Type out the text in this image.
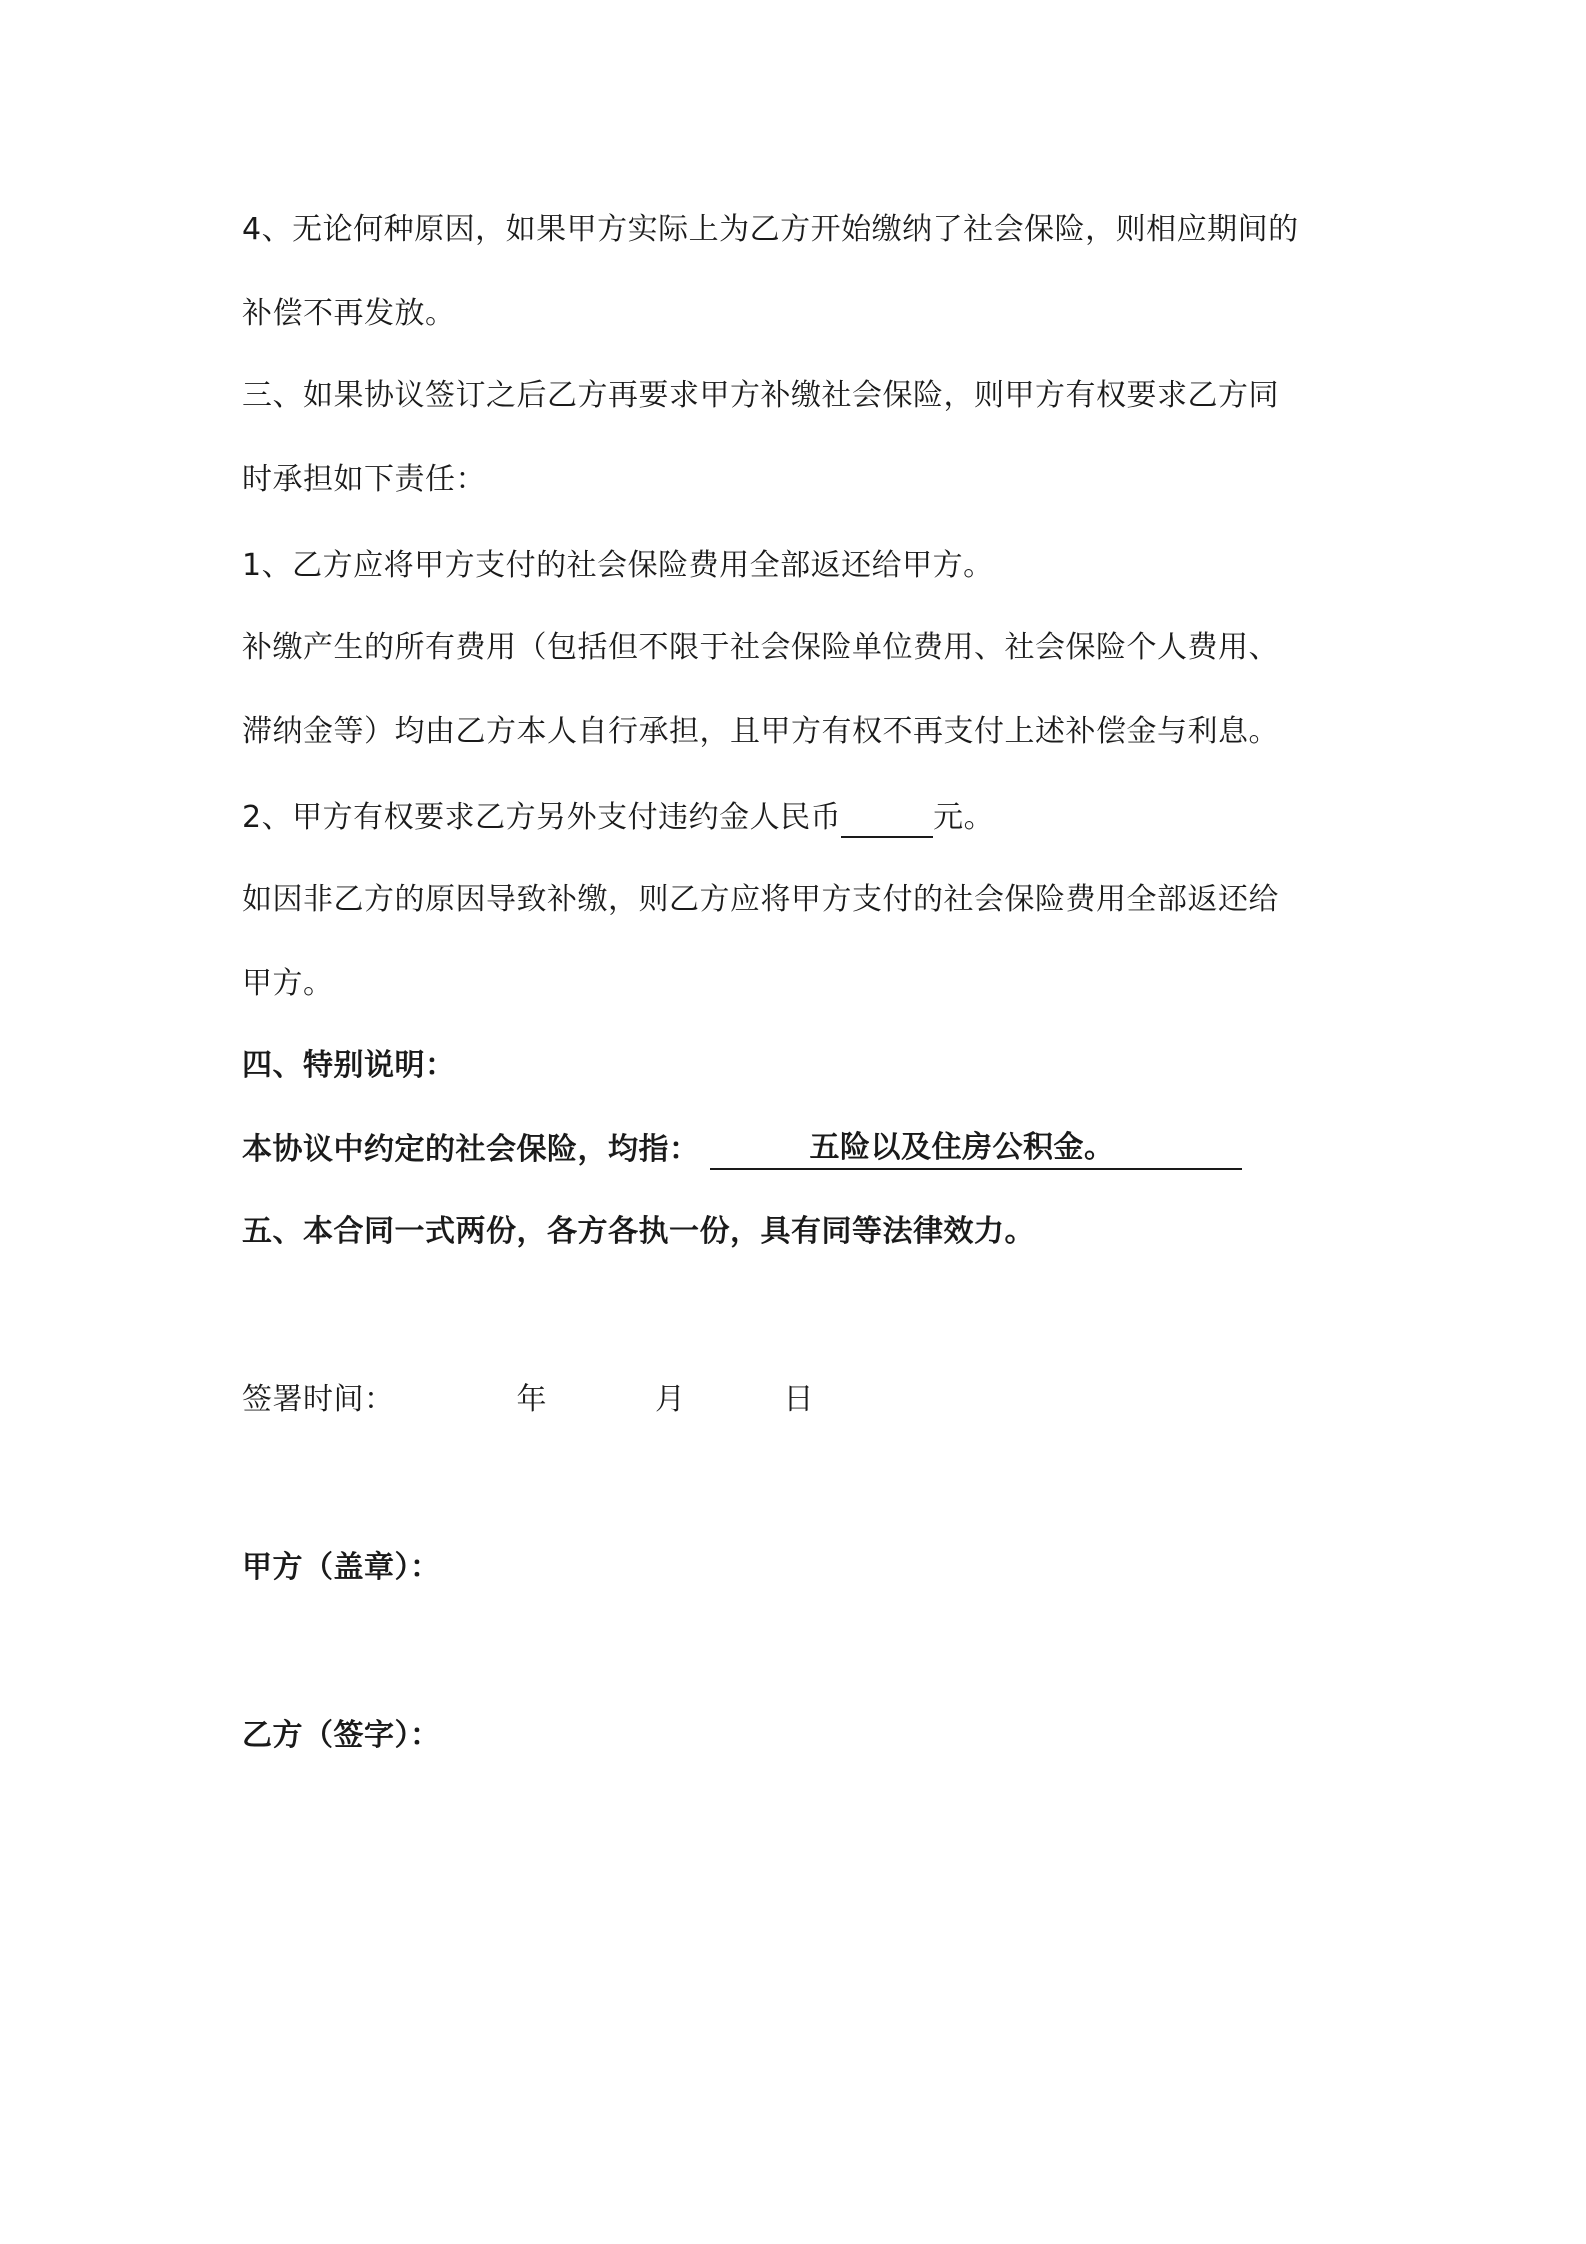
4、无论何种原因，如果甲方实际上为乙方开始缴纳了社会保险，则相应期间的
补偿不再发放。
三、如果协议签订之后乙方再要求甲方补缴社会保险，则甲方有权要求乙方同
时承担如下责任：
1、乙方应将甲方支付的社会保险费用全部返还给甲方。
补缴产生的所有费用（包括但不限于社会保险单位费用、社会保险个人费用、
滞纳金等）均由乙方本人自行承担，且甲方有权不再支付上述补偿金与利息。
2、甲方有权要求乙方另外支付违约金人民币	元。
如因非乙方的原因导致补缴，则乙方应将甲方支付的社会保险费用全部返还给
甲方。
四、特别说明：
本协议中约定的社会保险，均指：	五险以及住房公积金。
五、本合同一式两份，各方各执一份，具有同等法律效力。
签署时间：	年	月	日
甲方（盖章）：
乙方（签字）：
